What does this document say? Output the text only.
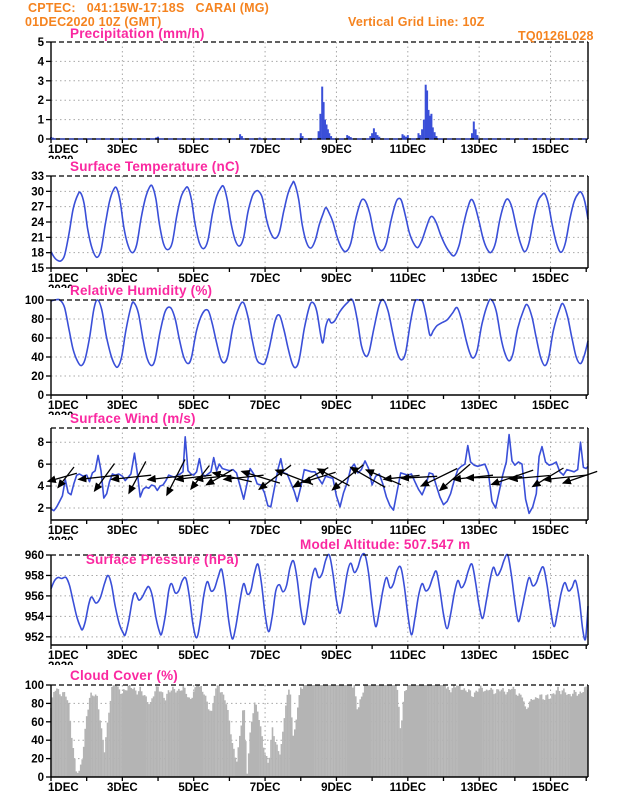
0
1
2
3
4
5
1DEC 3DEC	5DEC	7DEC	9DEC	11DEC	13DEC	15DEC
15
18
21
24
27
30
33
1DEC 3DEC	5DEC	7DEC	9DEC	11DEC	13DEC	15DEC
0
20
40
60
80
100
1DEC 3DEC	5DEC	7DEC	9DEC	11DEC	13DEC	15DEC
2
4
6
8
1DEC 3DEC	5DEC	7DEC	9DEC	11DEC	13DEC	15DEC
952
954
956
958
960
1DEC 3DEC	5DEC	7DEC	9DEC	11DEC	13DEC	15DEC
0
20
40
60
80
100
1DEC 3DEC	5DEC	7DEC	9DEC	11DEC	13DEC	15DEC
CPTEC:   041:15W-17:18S   CARAI (MG)
01DEC2020 10Z (GMT)	Vertical Grid Line: 10Z
TQ0126L028
Precipitation (mm/h)
Surface Temperature (nC)
Relative Humidity (%)
Surface Wind (m/s)

Surface Pressure (hPa)

Model Altitude: 507.547 m

Cloud Cover (%)
